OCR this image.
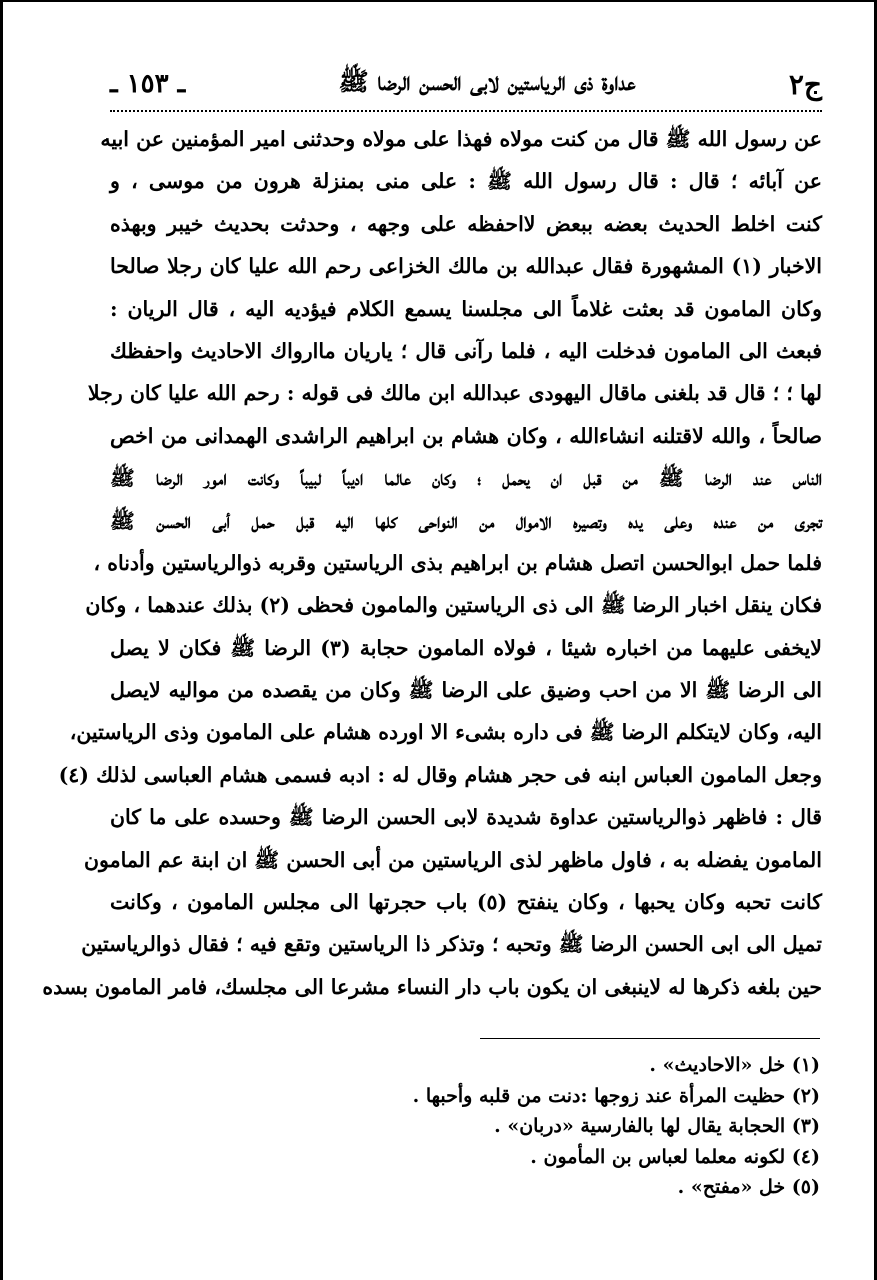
ج٢
عداوة ذی الرياستين لابی الحسن الرضا ﷺ
ـ ١٥٣ ـ
عن رسول الله ﷺ قال من كنت مولاه فهذا علی مولاه وحدثنی امير المؤمنين عن ابيه
عن آبائه ؛ قال : قال رسول الله ﷺ : علی منی بمنزلة هرون من موسی ، و
كنت اخلط الحديث بعضه ببعض لااحفظه علی وجهه ، وحدثت بحديث خيبر وبهذه
الاخبار (١) المشهورة فقال عبدالله بن مالك الخزاعی رحم الله عليا كان رجلا صالحا
وكان المامون قد بعثت غلاماً الی مجلسنا يسمع الكلام فيؤديه اليه ، قال الريان :
فبعث الی المامون فدخلت اليه ، فلما رآنی قال ؛ ياريان ماارواك الاحاديث واحفظك
لها ؛ ؛ قال قد بلغنی ماقال اليهودی عبدالله ابن مالك فی قوله : رحم الله عليا كان رجلا
صالحاً ، والله لاقتلنه انشاءالله ، وكان هشام بن ابراهيم الراشدی الهمدانی من اخص
الناس عند الرضا ﷺ من قبل ان يحمل ؛ وكان عالما اديباً لبيباً وكانت امور الرضا ﷺ
تجری من عنده وعلی يده وتصيره الاموال من النواحی كلها اليه قبل حمل أبی الحسن ﷺ
فلما حمل ابوالحسن اتصل هشام بن ابراهيم بذی الرياستين وقربه ذوالرياستين وأدناه ،
فكان ينقل اخبار الرضا ﷺ الی ذی الرياستين والمامون فحظی (٢) بذلك عندهما ، وكان
لايخفی عليهما من اخباره شيئا ، فولاه المامون حجابة (٣) الرضا ﷺ فكان لا يصل
الی الرضا ﷺ الا من احب وضيق علی الرضا ﷺ وكان من يقصده من مواليه لايصل
اليه، وكان لايتكلم الرضا ﷺ فی داره بشیء الا اورده هشام علی المامون وذی الرياستين،
وجعل المامون العباس ابنه فی حجر هشام وقال له : ادبه فسمی هشام العباسی لذلك (٤)
قال : فاظهر ذوالرياستين عداوة شديدة لابی الحسن الرضا ﷺ وحسده علی ما كان
المامون يفضله به ، فاول ماظهر لذی الرياستين من أبی الحسن ﷺ ان ابنة عم المامون
كانت تحبه وكان يحبها ، وكان ينفتح (٥) باب حجرتها الی مجلس المامون ، وكانت
تميل الی ابی الحسن الرضا ﷺ وتحبه ؛ وتذكر ذا الرياستين وتقع فيه ؛ فقال ذوالرياستين
حين بلغه ذكرها له لاينبغی ان يكون باب دار النساء مشرعا الی مجلسك، فامر المامون بسده
(١) خل «الاحاديث» .
(٢) حظيت المرأة عند زوجها :دنت من قلبه وأحبها .
(٣) الحجابة يقال لها بالفارسية «دربان» .
(٤) لكونه معلما لعباس بن المأمون .
(٥) خل «مفتح» .
